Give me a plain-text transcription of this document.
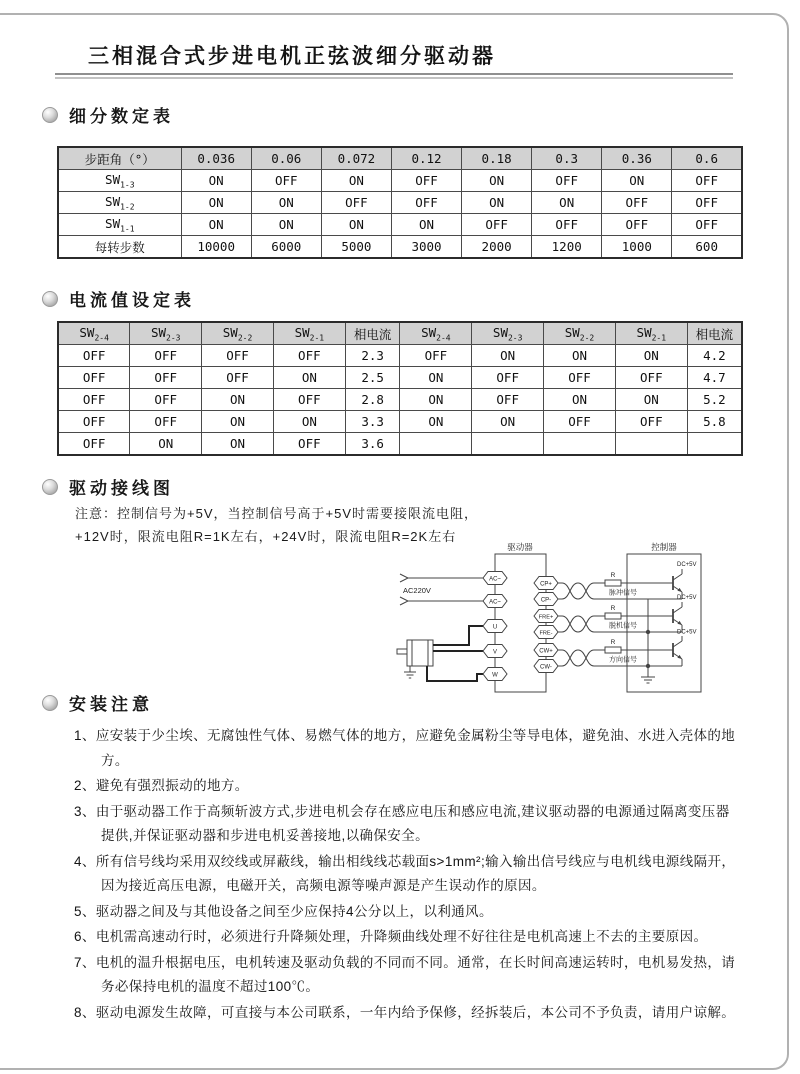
三相混合式步进电机正弦波细分驱动器
细分数定表
步距角（°）	0.036	0.06	0.072	0.12	0.18	0.3	0.36	0.6
$SW_{1-3}$	ON	OFF	ON	OFF	ON	OFF	ON	OFF
$SW_{1-2}$	ON	ON	OFF	OFF	ON	ON	OFF	OFF
$SW_{1-1}$	ON	ON	ON	ON	OFF	OFF	OFF	OFF
每转步数	10000	6000	5000	3000	2000	1200	1000	600
电流值设定表
$SW_{2-4}$	$SW_{2-3}$	$SW_{2-2}$	$SW_{2-1}$	相电流	$SW_{2-4}$	$SW_{2-3}$	$SW_{2-2}$	$SW_{2-1}$	相电流
OFF	OFF	OFF	OFF	2.3	OFF	ON	ON	ON	4.2
OFF	OFF	OFF	ON	2.5	ON	OFF	OFF	OFF	4.7
OFF	OFF	ON	OFF	2.8	ON	OFF	ON	ON	5.2
OFF	OFF	ON	ON	3.3	ON	ON	OFF	OFF	5.8
OFF	ON	ON	OFF	3.6					
驱动接线图
注意：控制信号为+5V，当控制信号高于+5V时需要接限流电阻，
+12V时，限流电阻R=1K左右，+24V时，限流电阻R=2K左右
驱动器	控制器
AC220V
AC~
AC~
U
V
W
CP+
CP-
FRE+
FRE-
CW+
CW-
R
R
R
脉冲信号
脱机信号
方向信号
DC+5V
DC+5V
DC+5V
安装注意
1、应安装于少尘埃、无腐蚀性气体、易燃气体的地方，应避免金属粉尘等导电体，避免油、水进入壳体的地方。
2、避免有强烈振动的地方。
3、由于驱动器工作于高频斩波方式,步进电机会存在感应电压和感应电流,建议驱动器的电源通过隔离变压器提供,并保证驱动器和步进电机妥善接地,以确保安全。
4、所有信号线均采用双绞线或屏蔽线，输出相线线芯载面s>1mm²;输入输出信号线应与电机线电源线隔开，因为接近高压电源，电磁开关，高频电源等噪声源是产生误动作的原因。
5、驱动器之间及与其他设备之间至少应保持4公分以上，以利通风。
6、电机需高速动行时，必须进行升降频处理，升降频曲线处理不好往往是电机高速上不去的主要原因。
7、电机的温升根据电压，电机转速及驱动负载的不同而不同。通常，在长时间高速运转时，电机易发热，请务必保持电机的温度不超过100℃。
8、驱动电源发生故障，可直接与本公司联系，一年内给予保修，经拆装后，本公司不予负责，请用户谅解。
